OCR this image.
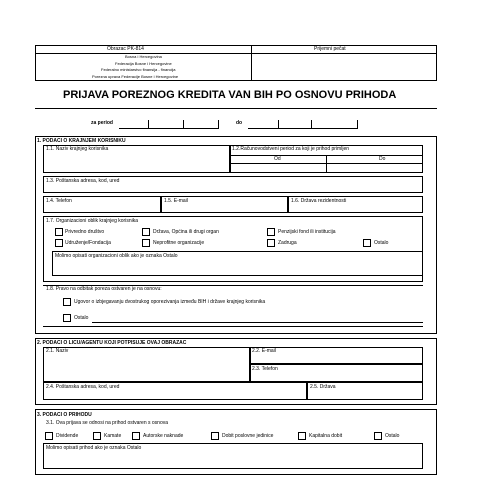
Obrazac PK-814	Prijemni pečat
Bosna i Hercegovina
Federacija Bosne i Hercegovine
Federalno ministarstvo finansija - financija
Porezna uprava Federacije Bosne i Hercegovine
PRIJAVA POREZNOG KREDITA VAN BIH PO OSNOVU PRIHODA
za period	do
1. PODACI O KRAJNJEM KORISNIKU
1.1. Naziv krajnjeg korisnika	1.2.Računovodstveni period za koji je prihod primljen
Od	Do
1.3. Poštanska adresa, kod, ured
1.4. Telefon	1.5. E-mail	1.6. Država rezidentnosti
1.7. Organizacioni oblik krajnjeg korisnika
Privredno društvo	Država, Općina ili drugi organ	Penzijski fond ili institucija
Udruženje/Fondacija	Neprofitne organizacije	Zadruga	Ostalo
Molimo opisati organizacioni oblik ako je oznaka Ostalo
1.8. Pravo na odbitak poreza ostvaren je na osnovu:
Ugovor o izbjegavanju dvostrukog oporezivanja između BIH i države krajnjeg korisnika
Ostalo
2. PODACI O LICU/AGENTU KOJI POTPISUJE OVAJ OBRAZAC
2.1. Naziv	2.2. E-mail
2.3. Telefon
2.4. Poštanska adresa, kod, ured	2.5. Država
3. PODACI O PRIHODU
3.1. Ova prijava se odnosi na prihod ostvaren s osnova
Dividende	Kamate	Autorske naknade	Dobit poslovne jedinice	Kapitalna dobit	Ostalo
Molimo opisati prihod ako je oznaka Ostalo
